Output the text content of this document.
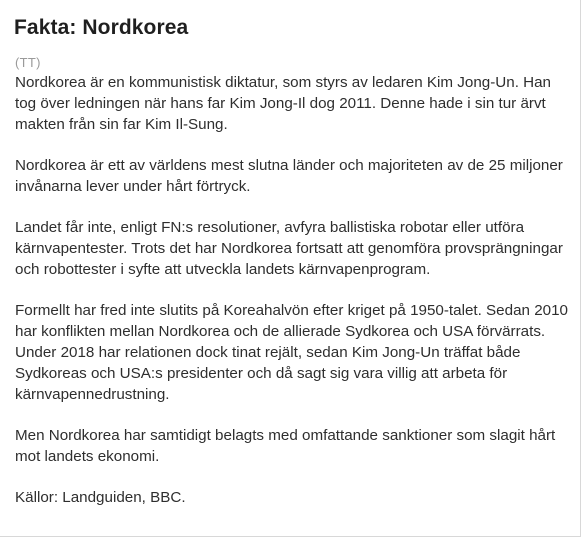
Fakta: Nordkorea
(TT)

Nordkorea är en kommunistisk diktatur, som styrs av ledaren Kim Jong-Un. Han tog över ledningen när hans far Kim Jong-Il dog 2011. Denne hade i sin tur ärvt makten från sin far Kim Il-Sung.

Nordkorea är ett av världens mest slutna länder och majoriteten av de 25 miljoner invånarna lever under hårt förtryck.

Landet får inte, enligt FN:s resolutioner, avfyra ballistiska robotar eller utföra kärnvapentester. Trots det har Nordkorea fortsatt att genomföra provsprängningar och robottester i syfte att utveckla landets kärnvapenprogram.

Formellt har fred inte slutits på Koreahalvön efter kriget på 1950-talet. Sedan 2010 har konflikten mellan Nordkorea och de allierade Sydkorea och USA förvärrats. Under 2018 har relationen dock tinat rejält, sedan Kim Jong-Un träffat både Sydkoreas och USA:s presidenter och då sagt sig vara villig att arbeta för kärnvapennedrustning.

Men Nordkorea har samtidigt belagts med omfattande sanktioner som slagit hårt mot landets ekonomi.

Källor: Landguiden, BBC.
